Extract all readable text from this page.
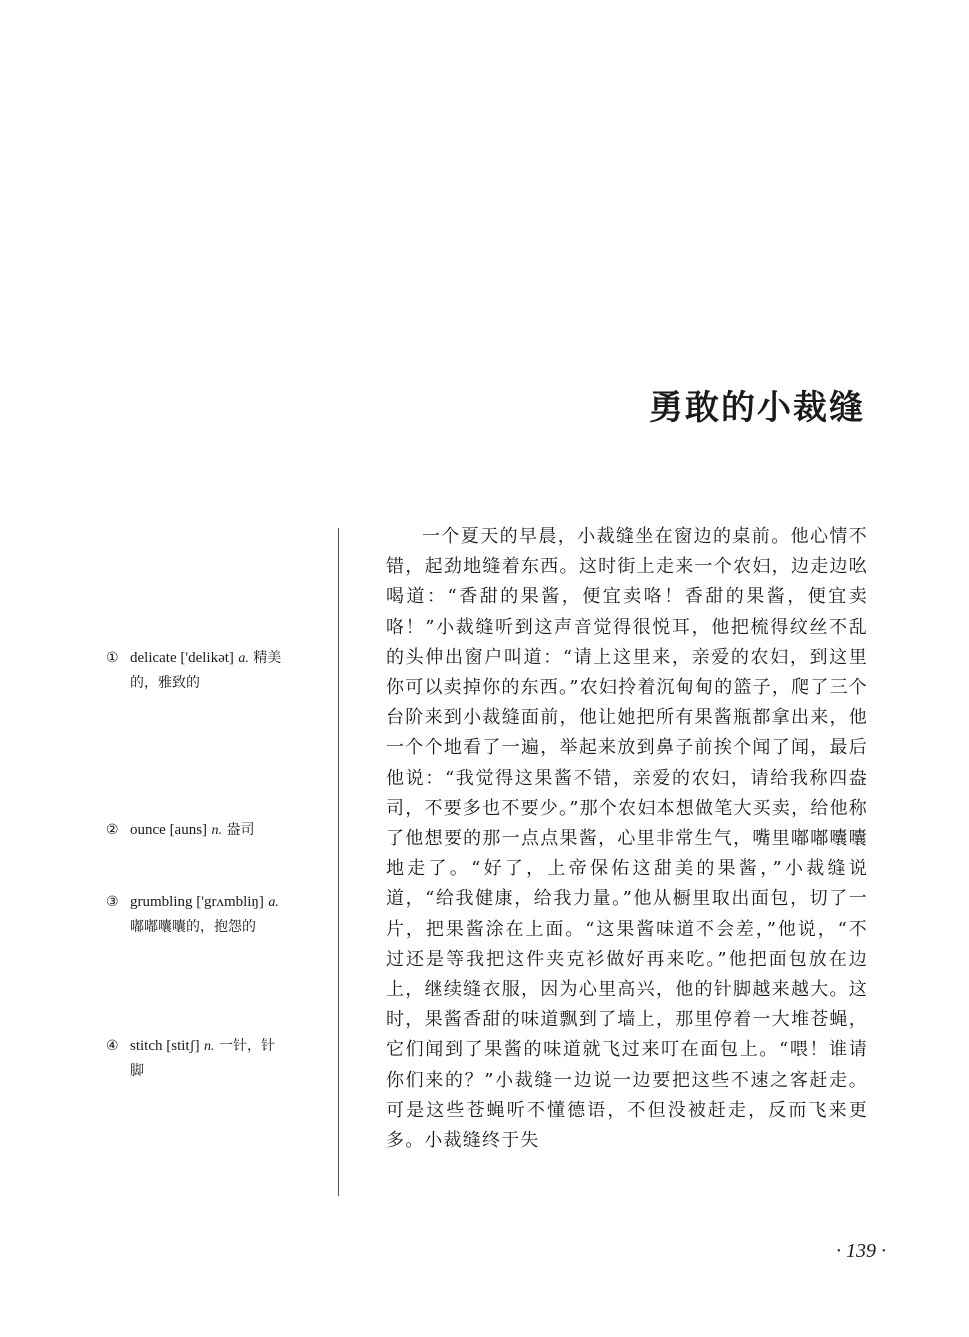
勇敢的小裁缝
① delicate ['delikət] a. 精美
的，雅致的
② ounce [auns] n. 盎司
③ grumbling ['grʌmbliŋ] a.
嘟嘟囔囔的，抱怨的
④ stitch [stitʃ] n. 一针，针
脚
一个夏天的早晨，小裁缝坐在窗边的桌前。他心情不错，起劲地缝着东西。这时街上走来一个农妇，边走边吆喝道：“香甜的果酱，便宜卖咯！香甜的果酱，便宜卖咯！”小裁缝听到这声音觉得很悦耳，他把梳得纹丝不乱的头伸出窗户叫道：“请上这里来，亲爱的农妇，到这里你可以卖掉你的东西。”农妇拎着沉甸甸的篮子，爬了三个台阶来到小裁缝面前，他让她把所有果酱瓶都拿出来，他一个个地看了一遍，举起来放到鼻子前挨个闻了闻，最后他说：“我觉得这果酱不错，亲爱的农妇，请给我称四盎司，不要多也不要少。”那个农妇本想做笔大买卖，给他称了他想要的那一点点果酱，心里非常生气，嘴里嘟嘟囔囔地走了。“好了，上帝保佑这甜美的果酱，”小裁缝说道，“给我健康，给我力量。”他从橱里取出面包，切了一片，把果酱涂在上面。“这果酱味道不会差，”他说，“不过还是等我把这件夹克衫做好再来吃。”他把面包放在边上，继续缝衣服，因为心里高兴，他的针脚越来越大。这时，果酱香甜的味道飘到了墙上，那里停着一大堆苍蝇，它们闻到了果酱的味道就飞过来叮在面包上。“喂！谁请你们来的？”小裁缝一边说一边要把这些不速之客赶走。可是这些苍蝇听不懂德语，不但没被赶走，反而飞来更多。小裁缝终于失
· 139 ·
